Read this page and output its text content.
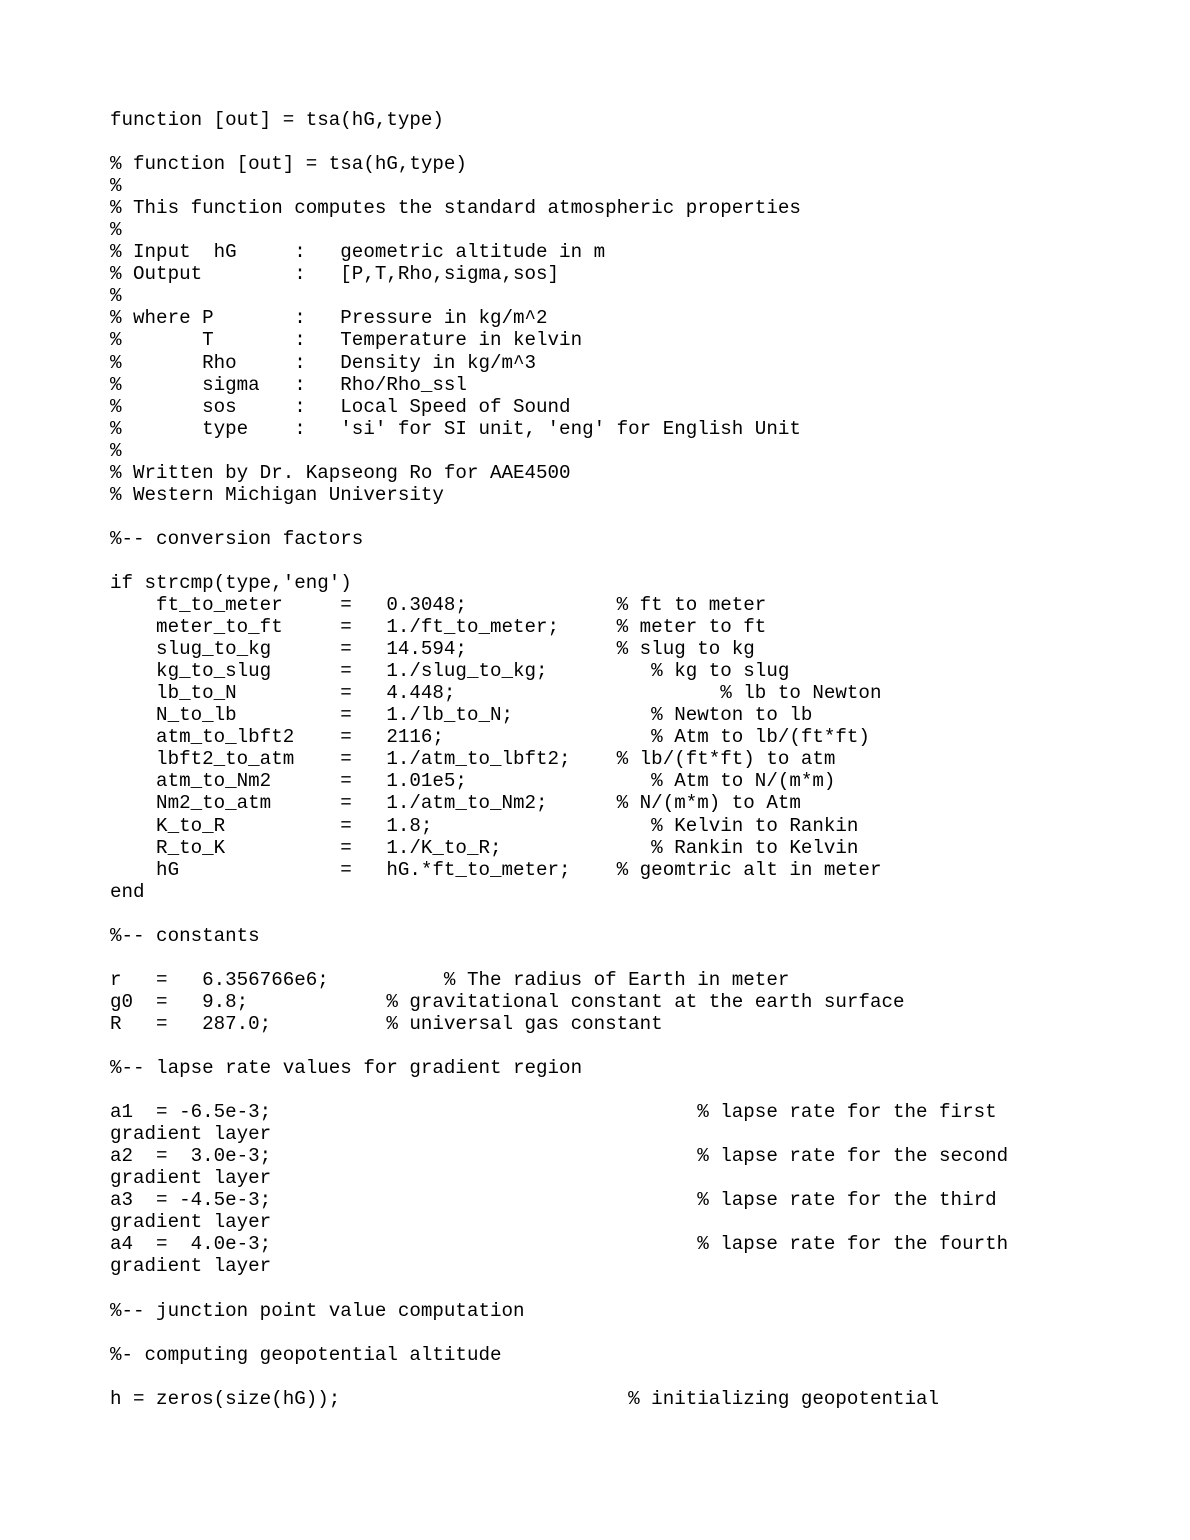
function [out] = tsa(hG,type)
% function [out] = tsa(hG,type)
%
% This function computes the standard atmospheric properties
%
% Input  hG     :   geometric altitude in m
% Output        :   [P,T,Rho,sigma,sos]
%
% where P       :   Pressure in kg/m^2
%       T       :   Temperature in kelvin
%       Rho     :   Density in kg/m^3
%       sigma   :   Rho/Rho_ssl
%       sos     :   Local Speed of Sound
%       type    :   'si' for SI unit, 'eng' for English Unit
%
% Written by Dr. Kapseong Ro for AAE4500
% Western Michigan University
%-- conversion factors
if strcmp(type,'eng')
ft_to_meter     =   0.3048;             % ft to meter
meter_to_ft     =   1./ft_to_meter;     % meter to ft
slug_to_kg      =   14.594;             % slug to kg
kg_to_slug      =   1./slug_to_kg;         % kg to slug
lb_to_N         =   4.448;                       % lb to Newton
N_to_lb         =   1./lb_to_N;            % Newton to lb
atm_to_lbft2    =   2116;                  % Atm to lb/(ft*ft)
lbft2_to_atm    =   1./atm_to_lbft2;    % lb/(ft*ft) to atm
atm_to_Nm2      =   1.01e5;                % Atm to N/(m*m)
Nm2_to_atm      =   1./atm_to_Nm2;      % N/(m*m) to Atm
K_to_R          =   1.8;                   % Kelvin to Rankin
R_to_K          =   1./K_to_R;             % Rankin to Kelvin
hG              =   hG.*ft_to_meter;    % geomtric alt in meter
end
%-- constants
r   =   6.356766e6;          % The radius of Earth in meter
g0  =   9.8;            % gravitational constant at the earth surface
R   =   287.0;          % universal gas constant
%-- lapse rate values for gradient region
a1  = -6.5e-3;                                     % lapse rate for the first
gradient layer
a2  =  3.0e-3;                                     % lapse rate for the second
gradient layer
a3  = -4.5e-3;                                     % lapse rate for the third
gradient layer
a4  =  4.0e-3;                                     % lapse rate for the fourth
gradient layer
%-- junction point value computation
%- computing geopotential altitude
h = zeros(size(hG));                         % initializing geopotential
